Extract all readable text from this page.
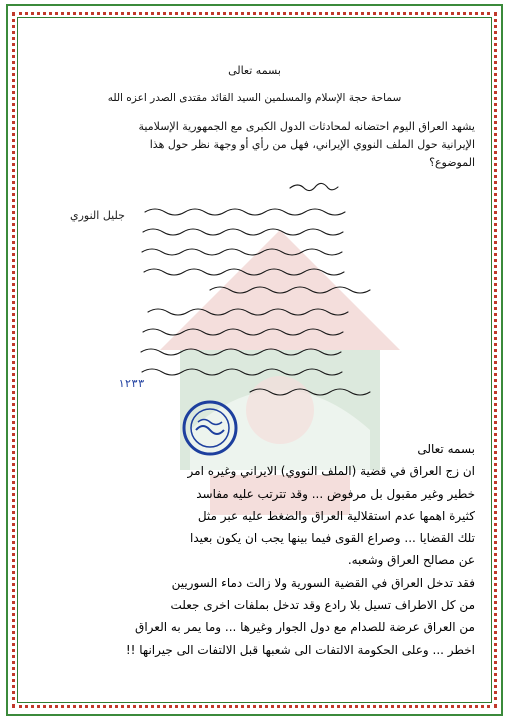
بسمه تعالى
سماحة حجة الإسلام والمسلمين السيد القائد مقتدى الصدر اعزه الله
يشهد العراق اليوم احتضانه لمحادثات الدول الكبرى مع الجمهورية الإسلامية
الإيرانية حول الملف النووي الإيراني، فهل من رأي أو وجهة نظر حول هذا
الموضوع؟
جليل النوري
١٢٣٣
بسمه تعالى
ان زج العراق في قضية (الملف النووي) الايراني وغيره امر
خطير وغير مقبول بل مرفوض ... وقد تترتب عليه مفاسد
كثيرة اهمها عدم استقلالية العراق والضغط عليه عبر مثل
تلك القضايا ... وصراع القوى فيما بينها يجب ان يكون بعيدا
عن مصالح العراق وشعبه.
فقد تدخل العراق في القضية السورية ولا زالت دماء السوريين
من كل الاطراف تسيل بلا رادع وقد تدخل بملفات اخرى جعلت
من العراق عرضة للصدام مع دول الجوار وغيرها ... وما يمر به العراق
اخطر ... وعلى الحكومة الالتفات الى شعبها قبل الالتفات الى جيرانها !!
